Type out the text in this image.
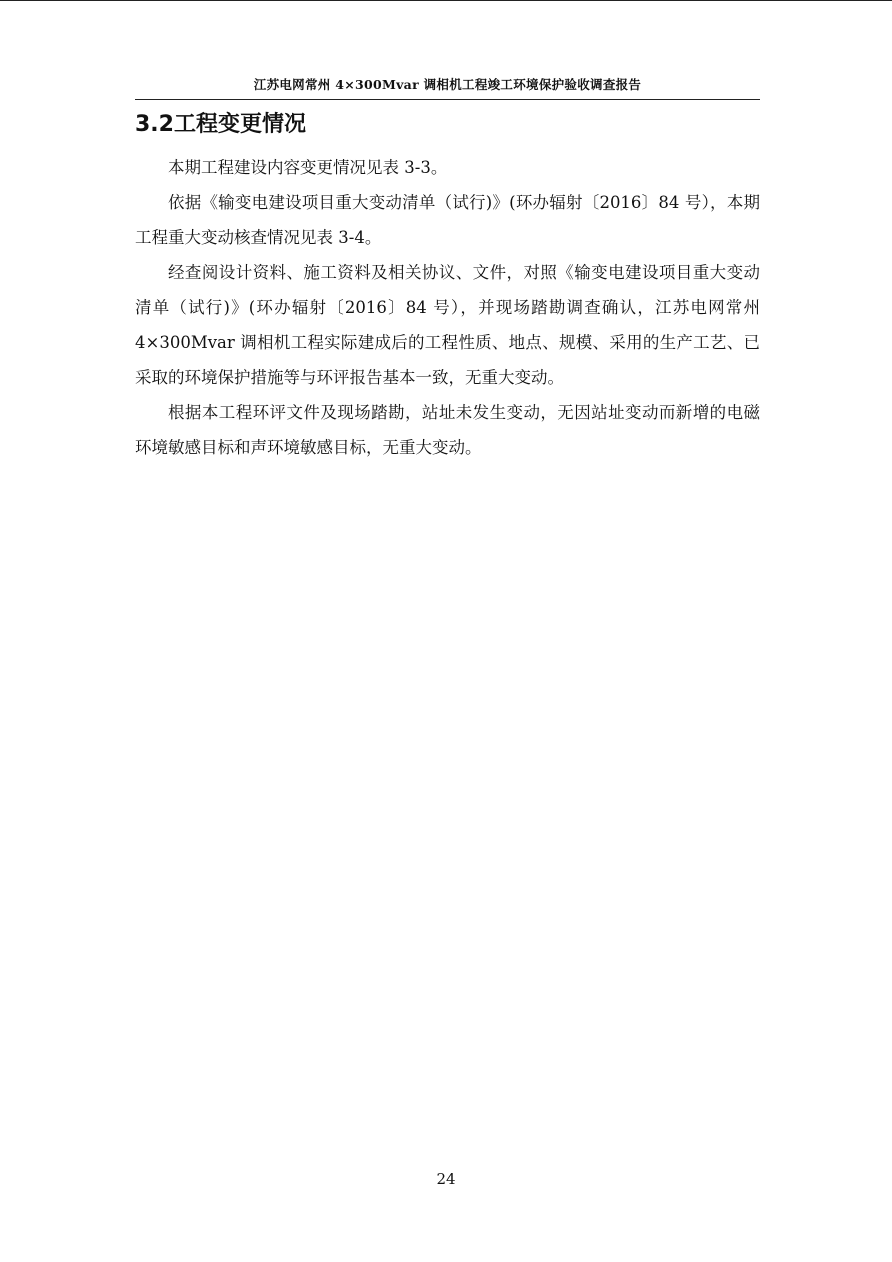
江苏电网常州 4×300Mvar 调相机工程竣工环境保护验收调查报告
3.2工程变更情况

本期工程建设内容变更情况见表 3-3。

依据《输变电建设项目重大变动清单（试行)》(环办辐射〔2016〕84 号），本期工程重大变动核查情况见表 3-4。

经查阅设计资料、施工资料及相关协议、文件，对照《输变电建设项目重大变动清单（试行)》(环办辐射〔2016〕84 号），并现场踏勘调查确认，江苏电网常州 4×300Mvar 调相机工程实际建成后的工程性质、地点、规模、采用的生产工艺、已采取的环境保护措施等与环评报告基本一致，无重大变动。

根据本工程环评文件及现场踏勘，站址未发生变动，无因站址变动而新增的电磁环境敏感目标和声环境敏感目标，无重大变动。

24
